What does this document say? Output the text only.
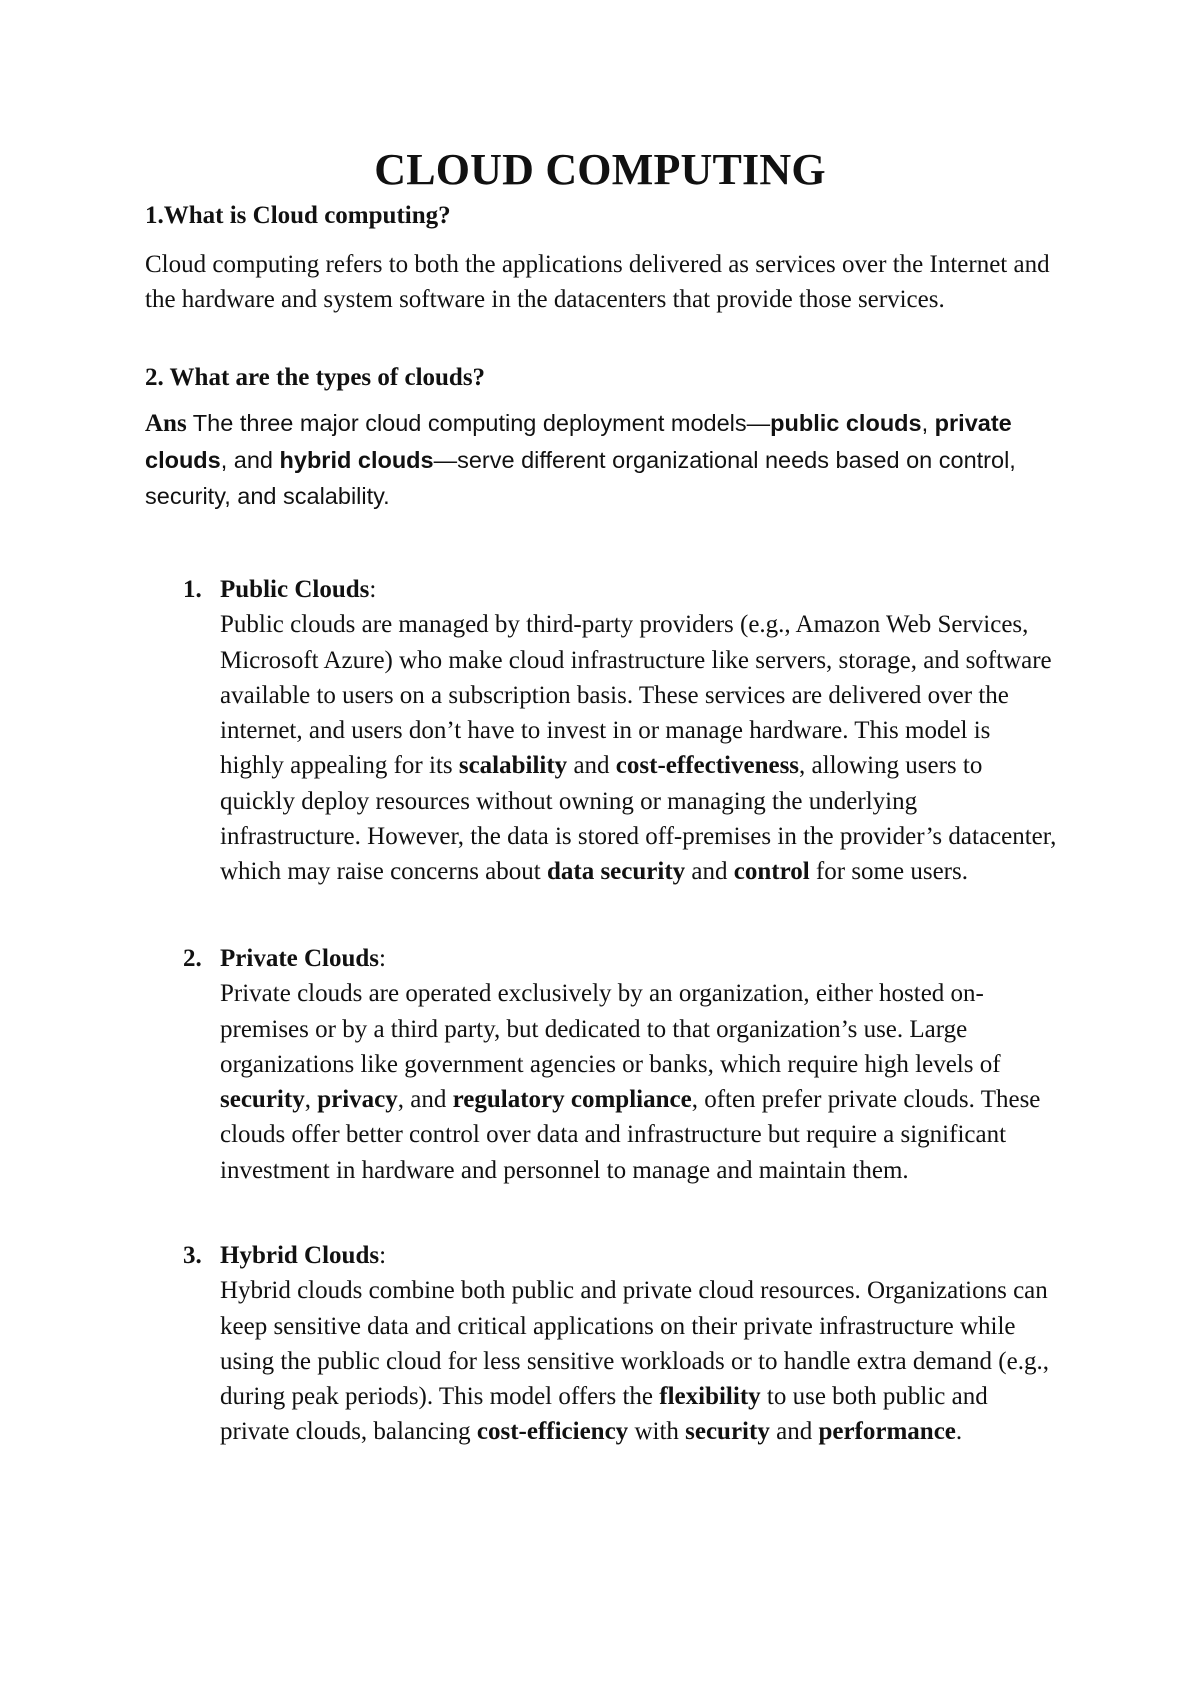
CLOUD COMPUTING

1.What is Cloud computing?

Cloud computing refers to both the applications delivered as services over the Internet and the hardware and system software in the datacenters that provide those services.

2. What are the types of clouds?

Ans The three major cloud computing deployment models—public clouds, private clouds, and hybrid clouds—serve different organizational needs based on control, security, and scalability.

1. Public Clouds:
Public clouds are managed by third-party providers (e.g., Amazon Web Services, Microsoft Azure) who make cloud infrastructure like servers, storage, and software available to users on a subscription basis. These services are delivered over the internet, and users don’t have to invest in or manage hardware. This model is highly appealing for its scalability and cost-effectiveness, allowing users to quickly deploy resources without owning or managing the underlying infrastructure. However, the data is stored off-premises in the provider’s datacenter, which may raise concerns about data security and control for some users.
2. Private Clouds:
Private clouds are operated exclusively by an organization, either hosted on-premises or by a third party, but dedicated to that organization’s use. Large organizations like government agencies or banks, which require high levels of security, privacy, and regulatory compliance, often prefer private clouds. These clouds offer better control over data and infrastructure but require a significant investment in hardware and personnel to manage and maintain them.
3. Hybrid Clouds:
Hybrid clouds combine both public and private cloud resources. Organizations can keep sensitive data and critical applications on their private infrastructure while using the public cloud for less sensitive workloads or to handle extra demand (e.g., during peak periods). This model offers the flexibility to use both public and private clouds, balancing cost-efficiency with security and performance.
